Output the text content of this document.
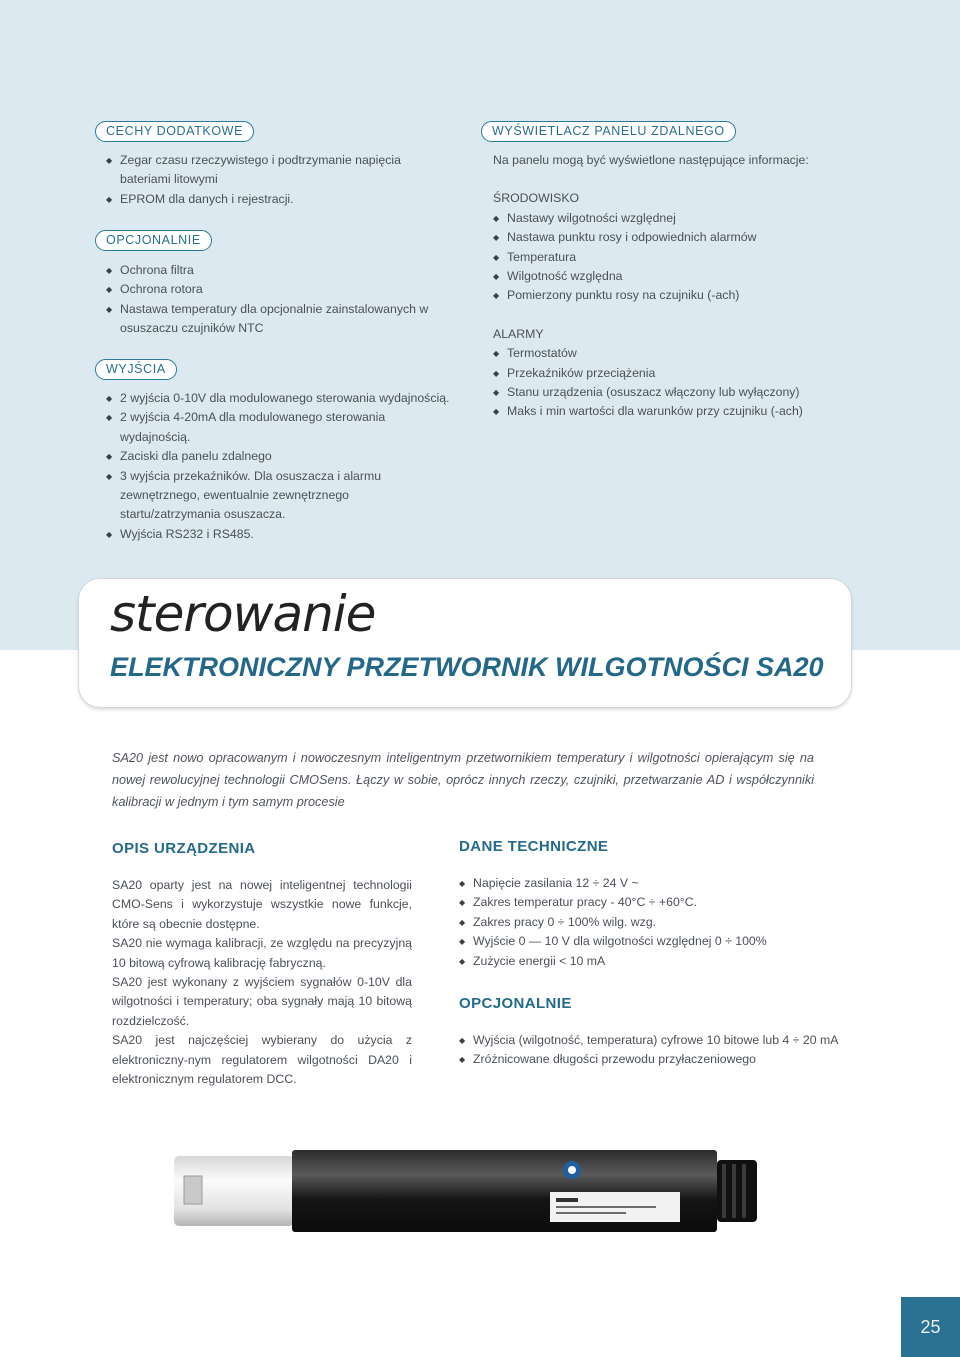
CECHY DODATKOWE
◆ Zegar czasu rzeczywistego i podtrzymanie napięcia bateriami litowymi
◆ EPROM dla danych i rejestracji.
OPCJONALNIE
◆ Ochrona filtra
◆ Ochrona rotora
◆ Nastawa temperatury dla opcjonalnie zainstalowanych w osuszaczu czujników NTC
WYJŚCIA
◆ 2 wyjścia 0-10V dla modulowanego sterowania wydajnością.
◆ 2 wyjścia 4-20mA dla modulowanego sterowania wydajnością.
◆ Zaciski dla panelu zdalnego
◆ 3 wyjścia przekaźników. Dla osuszacza i alarmu zewnętrznego, ewentualnie zewnętrznego startu/zatrzymania osuszacza.
◆ Wyjścia RS232 i RS485.
WYŚWIETLACZ PANELU ZDALNEGO

Na panelu mogą być wyświetlone następujące informacje:

ŚRODOWISKO

◆ Nastawy wilgotności względnej
◆ Nastawa punktu rosy i odpowiednich alarmów
◆ Temperatura
◆ Wilgotność względna
◆ Pomierzony punktu rosy na czujniku (-ach)

ALARMY

◆ Termostatów
◆ Przekaźników przeciążenia
◆ Stanu urządzenia (osuszacz włączony lub wyłączony)
◆ Maks i min wartości dla warunków przy czujniku (-ach)
sterowanie
ELEKTRONICZNY PRZETWORNIK WILGOTNOŚCI SA20
SA20 jest nowo opracowanym i nowoczesnym inteligentnym przetwornikiem temperatury i wilgotności opierającym się na nowej rewolucyjnej technologii CMOSens. Łączy w sobie, oprócz innych rzeczy, czujniki, przetwarzanie AD i współczynniki kalibracji w jednym i tym samym procesie
OPIS URZĄDZENIA

SA20 oparty jest na nowej inteligentnej technologii CMO-Sens i wykorzystuje wszystkie nowe funkcje, które są obecnie dostępne.

SA20 nie wymaga kalibracji, ze względu na precyzyjną 10 bitową cyfrową kalibrację fabryczną.

SA20 jest wykonany z wyjściem sygnałów 0-10V dla wilgotności i temperatury; oba sygnały mają 10 bitową rozdzielczość.

SA20 jest najczęściej wybierany do użycia z elektroniczny-nym regulatorem wilgotności DA20 i elektronicznym regulatorem DCC.

DANE TECHNICZNE
◆ Napięcie zasilania 12 ÷ 24 V ~
◆ Zakres temperatur pracy - 40°C ÷ +60°C.
◆ Zakres pracy 0 ÷ 100% wilg. wzg.
◆ Wyjście 0 — 10 V dla wilgotności względnej 0 ÷ 100%
◆ Zużycie energii < 10 mA
OPCJONALNIE
◆ Wyjścia (wilgotność, temperatura) cyfrowe 10 bitowe lub 4 ÷ 20 mA
◆ Zróżnicowane długości przewodu przyłaczeniowego
25
